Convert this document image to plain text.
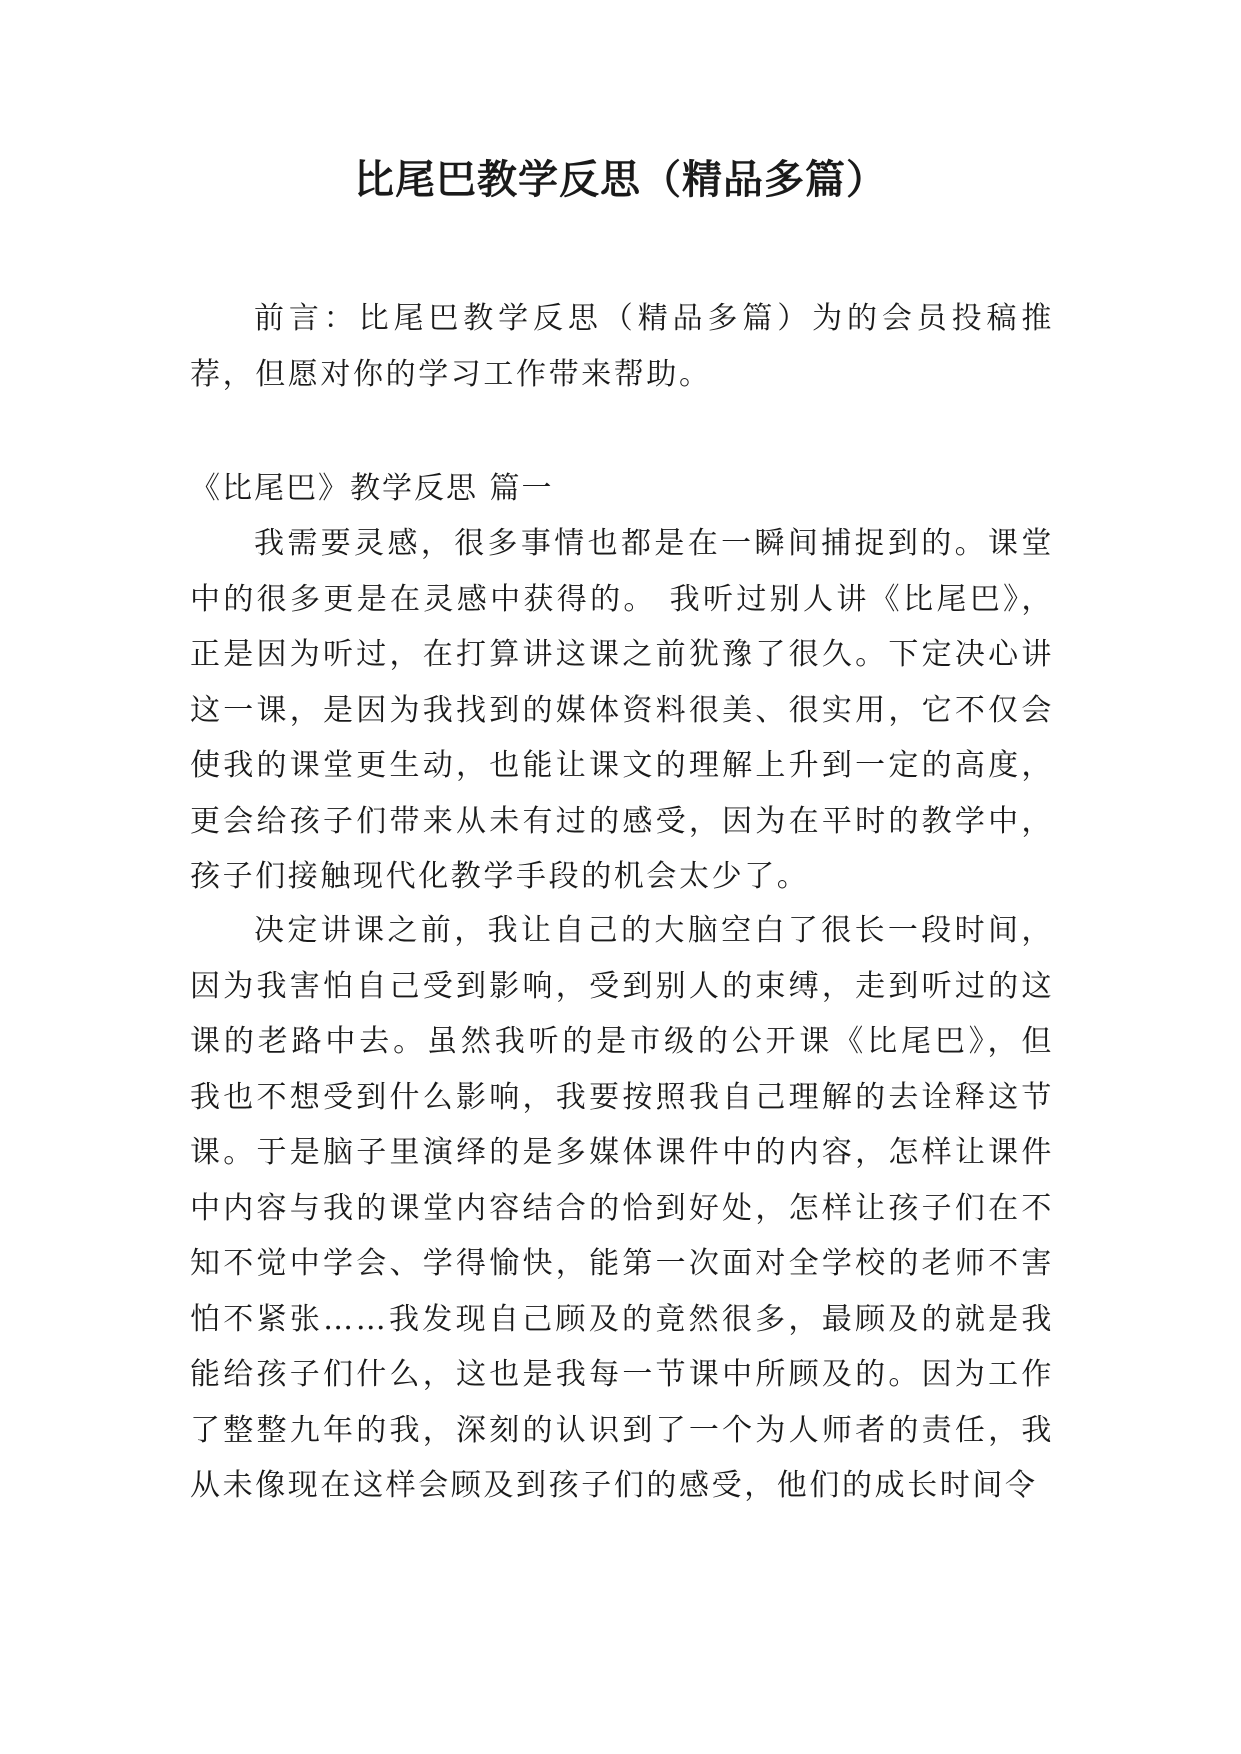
比尾巴教学反思（精品多篇）

前言：比尾巴教学反思（精品多篇）为的会员投稿推荐，但愿对你的学习工作带来帮助。

《比尾巴》教学反思 篇一

我需要灵感，很多事情也都是在一瞬间捕捉到的。课堂中的很多更是在灵感中获得的。 我听过别人讲《比尾巴》，正是因为听过，在打算讲这课之前犹豫了很久。下定决心讲这一课，是因为我找到的媒体资料很美、很实用，它不仅会使我的课堂更生动，也能让课文的理解上升到一定的高度，更会给孩子们带来从未有过的感受，因为在平时的教学中，孩子们接触现代化教学手段的机会太少了。

决定讲课之前，我让自己的大脑空白了很长一段时间，因为我害怕自己受到影响，受到别人的束缚，走到听过的这课的老路中去。虽然我听的是市级的公开课《比尾巴》，但我也不想受到什么影响，我要按照我自己理解的去诠释这节课。于是脑子里演绎的是多媒体课件中的内容，怎样让课件中内容与我的课堂内容结合的恰到好处，怎样让孩子们在不知不觉中学会、学得愉快，能第一次面对全学校的老师不害怕不紧张……我发现自己顾及的竟然很多，最顾及的就是我能给孩子们什么，这也是我每一节课中所顾及的。因为工作了整整九年的我，深刻的认识到了一个为人师者的责任，我从未像现在这样会顾及到孩子们的感受，他们的成长时间令
